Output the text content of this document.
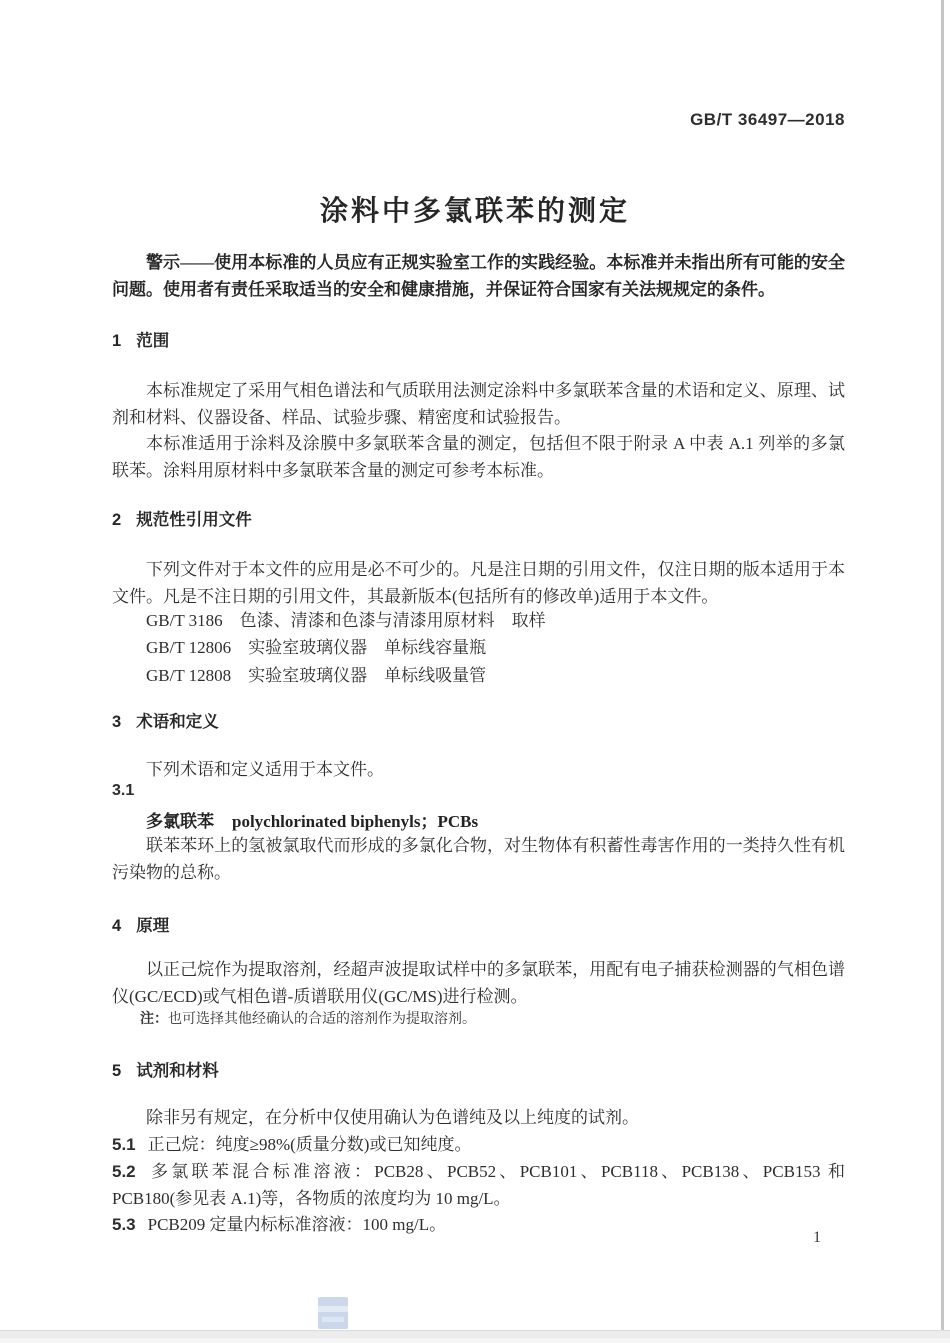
GB/T 36497—2018
涂料中多氯联苯的测定

警示——使用本标准的人员应有正规实验室工作的实践经验。本标准并未指出所有可能的安全问题。使用者有责任采取适当的安全和健康措施，并保证符合国家有关法规规定的条件。

1 范围

本标准规定了采用气相色谱法和气质联用法测定涂料中多氯联苯含量的术语和定义、原理、试剂和材料、仪器设备、样品、试验步骤、精密度和试验报告。

本标准适用于涂料及涂膜中多氯联苯含量的测定，包括但不限于附录 A 中表 A.1 列举的多氯联苯。涂料用原材料中多氯联苯含量的测定可参考本标准。

2 规范性引用文件

下列文件对于本文件的应用是必不可少的。凡是注日期的引用文件，仅注日期的版本适用于本文件。凡是不注日期的引用文件，其最新版本(包括所有的修改单)适用于本文件。

GB/T 3186　色漆、清漆和色漆与清漆用原材料　取样
GB/T 12806　实验室玻璃仪器　单标线容量瓶
GB/T 12808　实验室玻璃仪器　单标线吸量管
3 术语和定义

下列术语和定义适用于本文件。

3.1
多氯联苯 polychlorinated biphenyls；PCBs

联苯苯环上的氢被氯取代而形成的多氯化合物，对生物体有积蓄性毒害作用的一类持久性有机污染物的总称。

4 原理

以正己烷作为提取溶剂，经超声波提取试样中的多氯联苯，用配有电子捕获检测器的气相色谱仪(GC/ECD)或气相色谱-质谱联用仪(GC/MS)进行检测。

注：也可选择其他经确认的合适的溶剂作为提取溶剂。
5 试剂和材料

除非另有规定，在分析中仅使用确认为色谱纯及以上纯度的试剂。

5.1 正己烷：纯度≥98%(质量分数)或已知纯度。

5.2 多氯联苯混合标准溶液：PCB28、PCB52、PCB101、PCB118、PCB138、PCB153 和 PCB180(参见表 A.1)等，各物质的浓度均为 10 mg/L。

5.3 PCB209 定量内标标准溶液：100 mg/L。

1
